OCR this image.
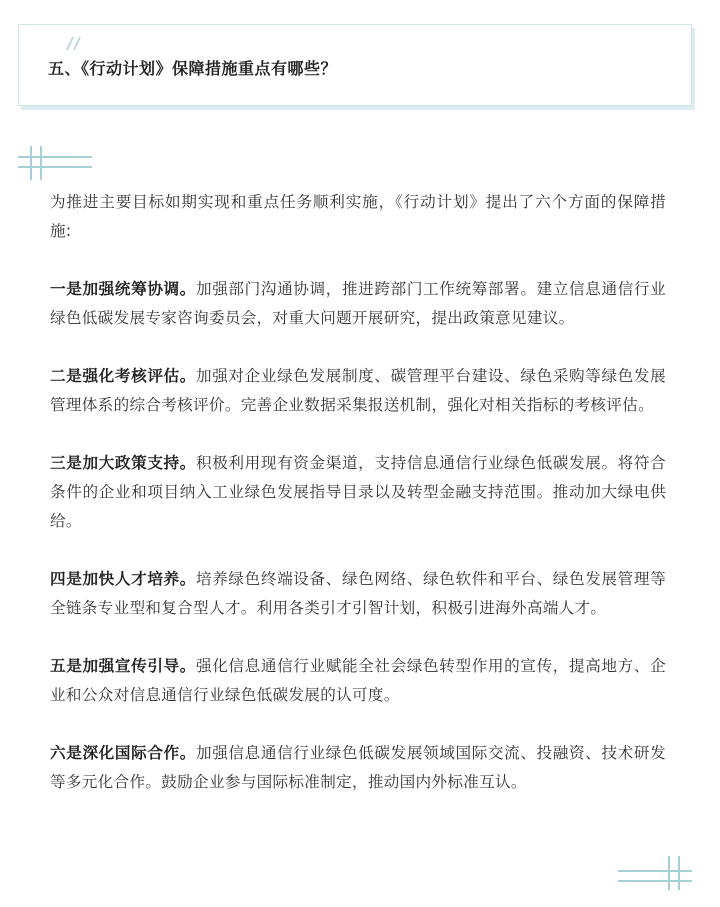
五、《行动计划》保障措施重点有哪些？

为推进主要目标如期实现和重点任务顺利实施，《行动计划》提出了六个方面的保障措施:

一是加强统筹协调。加强部门沟通协调，推进跨部门工作统筹部署。建立信息通信行业绿色低碳发展专家咨询委员会，对重大问题开展研究，提出政策意见建议。

二是强化考核评估。加强对企业绿色发展制度、碳管理平台建设、绿色采购等绿色发展管理体系的综合考核评价。完善企业数据采集报送机制，强化对相关指标的考核评估。

三是加大政策支持。积极利用现有资金渠道，支持信息通信行业绿色低碳发展。将符合条件的企业和项目纳入工业绿色发展指导目录以及转型金融支持范围。推动加大绿电供给。

四是加快人才培养。培养绿色终端设备、绿色网络、绿色软件和平台、绿色发展管理等全链条专业型和复合型人才。利用各类引才引智计划，积极引进海外高端人才。

五是加强宣传引导。强化信息通信行业赋能全社会绿色转型作用的宣传，提高地方、企业和公众对信息通信行业绿色低碳发展的认可度。

六是深化国际合作。加强信息通信行业绿色低碳发展领域国际交流、投融资、技术研发等多元化合作。鼓励企业参与国际标准制定，推动国内外标准互认。
